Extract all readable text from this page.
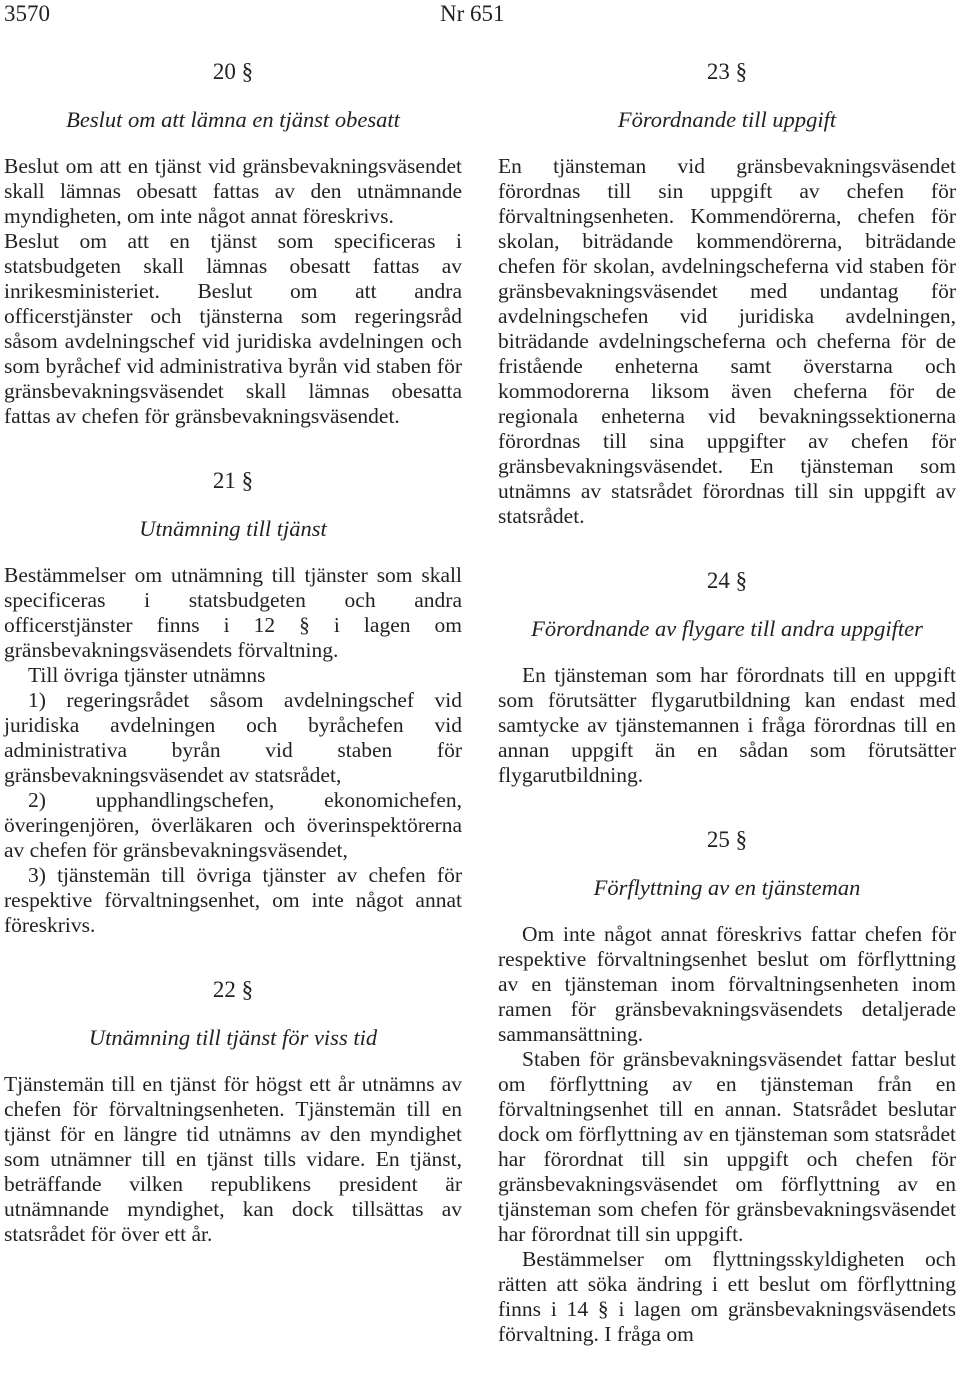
3570	Nr 651

20 §

Beslut om att lämna en tjänst obesatt

Beslut om att en tjänst vid gränsbevakningsväsendet skall lämnas obesatt fattas av den utnämnande myndigheten, om inte något annat föreskrivs.

Beslut om att en tjänst som specificeras i statsbudgeten skall lämnas obesatt fattas av inrikesministeriet. Beslut om att andra officerstjänster och tjänsterna som regeringsråd såsom avdelningschef vid juridiska avdelningen och som byråchef vid administrativa byrån vid staben för gränsbevakningsväsendet skall lämnas obesatta fattas av chefen för gränsbevakningsväsendet.

21 §

Utnämning till tjänst

Bestämmelser om utnämning till tjänster som skall specificeras i statsbudgeten och andra officerstjänster finns i 12 § i lagen om gränsbevakningsväsendets förvaltning.

Till övriga tjänster utnämns

1) regeringsrådet såsom avdelningschef vid juridiska avdelningen och byråchefen vid administrativa byrån vid staben för gränsbevakningsväsendet av statsrådet,

2) upphandlingschefen, ekonomichefen, överingenjören, överläkaren och överinspektörerna av chefen för gränsbevakningsväsendet,

3) tjänstemän till övriga tjänster av chefen för respektive förvaltningsenhet, om inte något annat föreskrivs.

22 §

Utnämning till tjänst för viss tid

Tjänstemän till en tjänst för högst ett år utnämns av chefen för förvaltningsenheten. Tjänstemän till en tjänst för en längre tid utnämns av den myndighet som utnämner till en tjänst tills vidare. En tjänst, beträffande vilken republikens president är utnämnande myndighet, kan dock tillsättas av statsrådet för över ett år.

23 §

Förordnande till uppgift

En tjänsteman vid gränsbevakningsväsendet förordnas till sin uppgift av chefen för förvaltningsenheten. Kommendörerna, chefen för skolan, biträdande kommendörerna, biträdande chefen för skolan, avdelningscheferna vid staben för gränsbevakningsväsendet med undantag för avdelningschefen vid juridiska avdelningen, biträdande avdelningscheferna och cheferna för de fristående enheterna samt överstarna och kommodorerna liksom även cheferna för de regionala enheterna vid bevakningssektionerna förordnas till sina uppgifter av chefen för gränsbevakningsväsendet. En tjänsteman som utnämns av statsrådet förordnas till sin uppgift av statsrådet.

24 §

Förordnande av flygare till andra uppgifter

En tjänsteman som har förordnats till en uppgift som förutsätter flygarutbildning kan endast med samtycke av tjänstemannen i fråga förordnas till en annan uppgift än en sådan som förutsätter flygarutbildning.

25 §

Förflyttning av en tjänsteman

Om inte något annat föreskrivs fattar chefen för respektive förvaltningsenhet beslut om förflyttning av en tjänsteman inom förvaltningsenheten inom ramen för gränsbevakningsväsendets detaljerade sammansättning.

Staben för gränsbevakningsväsendet fattar beslut om förflyttning av en tjänsteman från en förvaltningsenhet till en annan. Statsrådet beslutar dock om förflyttning av en tjänsteman som statsrådet har förordnat till sin uppgift och chefen för gränsbevakningsväsendet om förflyttning av en tjänsteman som chefen för gränsbevakningsväsendet har förordnat till sin uppgift.

Bestämmelser om flyttningsskyldigheten och rätten att söka ändring i ett beslut om förflyttning finns i 14 § i lagen om gränsbevakningsväsendets förvaltning. I fråga om
